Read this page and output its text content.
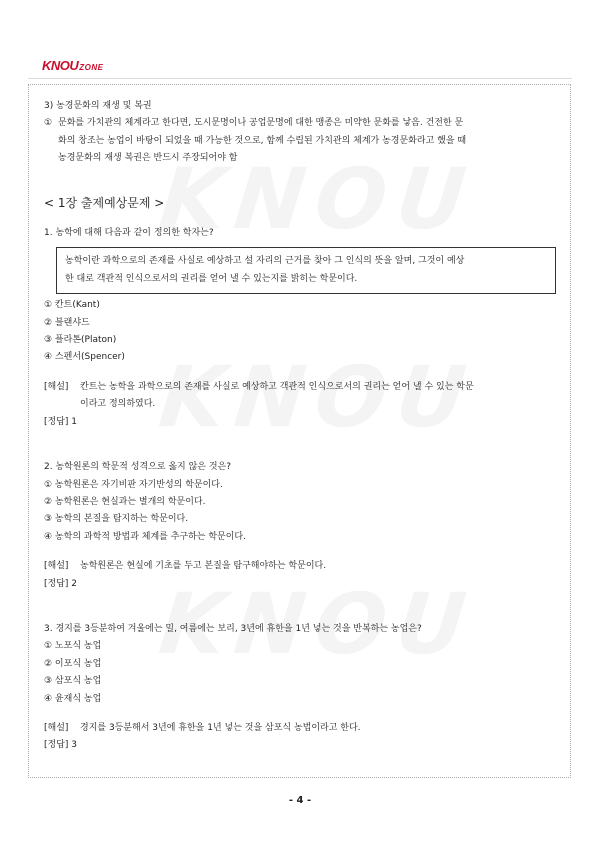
KNOUZONE
3) 농경문화의 재생 및 복권
① 문화를 가치관의 체계라고 한다면, 도시문명이나 공업문명에 대한 맹종은 미약한 문화를 낳음. 건전한 문
화의 창조는 농업이 바탕이 되었을 때 가능한 것으로, 함께 수립된 가치관의 체계가 농경문화라고 했을 때
농경문화의 재생 복권은 반드시 주장되어야 함
< 1장 출제예상문제 >
1. 농학에 대해 다음과 같이 정의한 학자는?
농학이란 과학으로의 존재를 사실로 예상하고 설 자리의 근거를 찾아 그 인식의 뜻을 알며, 그것이 예상
한 대로 객관적 인식으로서의 권리를 얻어 낼 수 있는지를 밝히는 학문이다.
① 칸트(Kant)
② 블랜샤드
③ 플라톤(Platon)
④ 스펜서(Spencer)
[해설]	칸트는 농학을 과학으로의 존재를 사실로 예상하고 객관적 인식으로서의 권리는 얻어 낼 수 있는 학문
이라고 정의하였다.
[정답] 1
2. 농학원론의 학문적 성격으로 옳지 않은 것은?
① 농학원론은 자기비판 자기반성의 학문이다.
② 농학원론은 현실과는 별개의 학문이다.
③ 농학의 본질을 탐지하는 학문이다.
④ 농학의 과학적 방법과 체계를 추구하는 학문이다.
[해설]	농학원론은 현실에 기초를 두고 본질을 탐구해야하는 학문이다.
[정답] 2
3. 경지를 3등분하여 겨울에는 밀, 여름에는 보리, 3년에 휴한을 1년 넣는 것을 반복하는 농업은?
① 노포식 농업
② 이포식 농업
③ 삼포식 농업
④ 윤재식 농업
[해설]	경지를 3등분해서 3년에 휴한을 1년 넣는 것을 삼포식 농법이라고 한다.
[정답] 3
- 4 -
